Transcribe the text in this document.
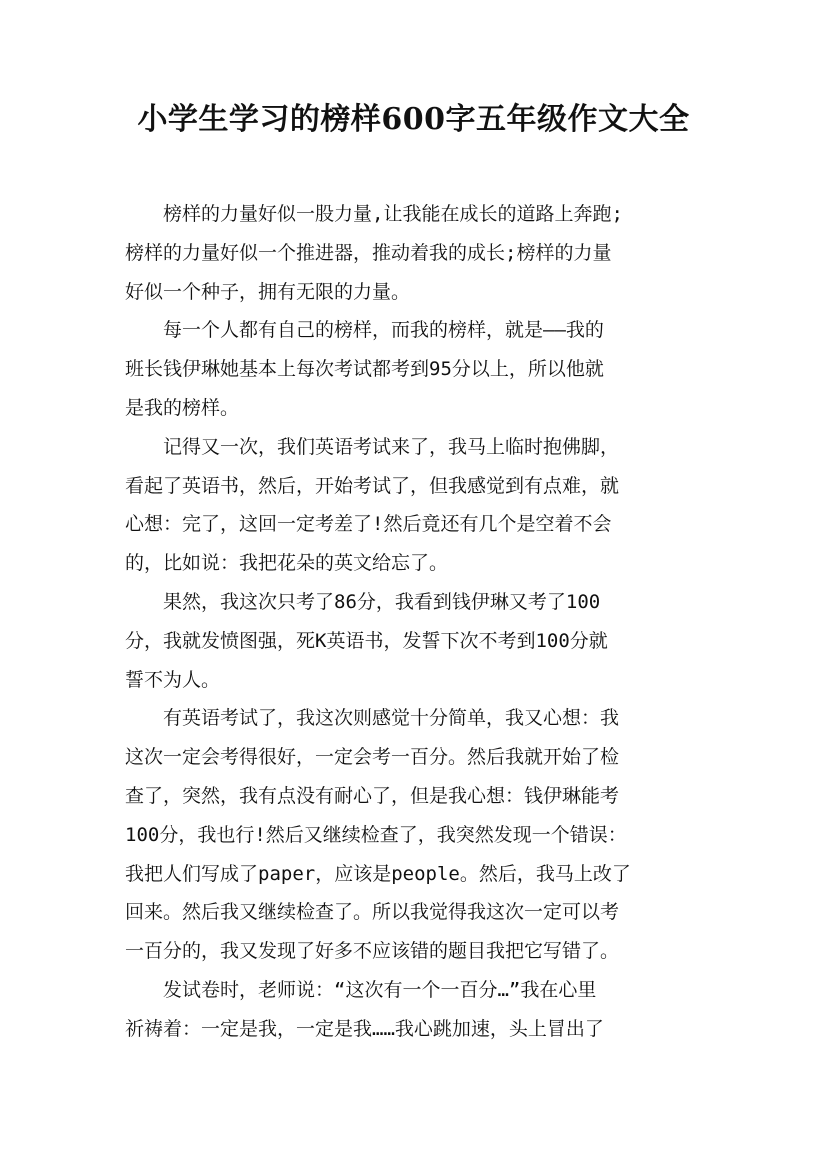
小学生学习的榜样600字五年级作文大全
　　榜样的力量好似一股力量,让我能在成长的道路上奔跑;
榜样的力量好似一个推进器，推动着我的成长;榜样的力量
好似一个种子，拥有无限的力量。
　　每一个人都有自己的榜样，而我的榜样，就是——我的
班长钱伊琳她基本上每次考试都考到95分以上，所以他就
是我的榜样。
　　记得又一次，我们英语考试来了，我马上临时抱佛脚，
看起了英语书，然后，开始考试了，但我感觉到有点难，就
心想：完了，这回一定考差了!然后竟还有几个是空着不会
的，比如说：我把花朵的英文给忘了。
　　果然，我这次只考了86分，我看到钱伊琳又考了100
分，我就发愤图强，死K英语书，发誓下次不考到100分就
誓不为人。
　　有英语考试了，我这次则感觉十分简单，我又心想：我
这次一定会考得很好，一定会考一百分。然后我就开始了检
查了，突然，我有点没有耐心了，但是我心想：钱伊琳能考
100分，我也行!然后又继续检查了，我突然发现一个错误：
我把人们写成了paper，应该是people。然后，我马上改了
回来。然后我又继续检查了。所以我觉得我这次一定可以考
一百分的，我又发现了好多不应该错的题目我把它写错了。
　　发试卷时，老师说：“这次有一个一百分…”我在心里
祈祷着：一定是我，一定是我……我心跳加速，头上冒出了
